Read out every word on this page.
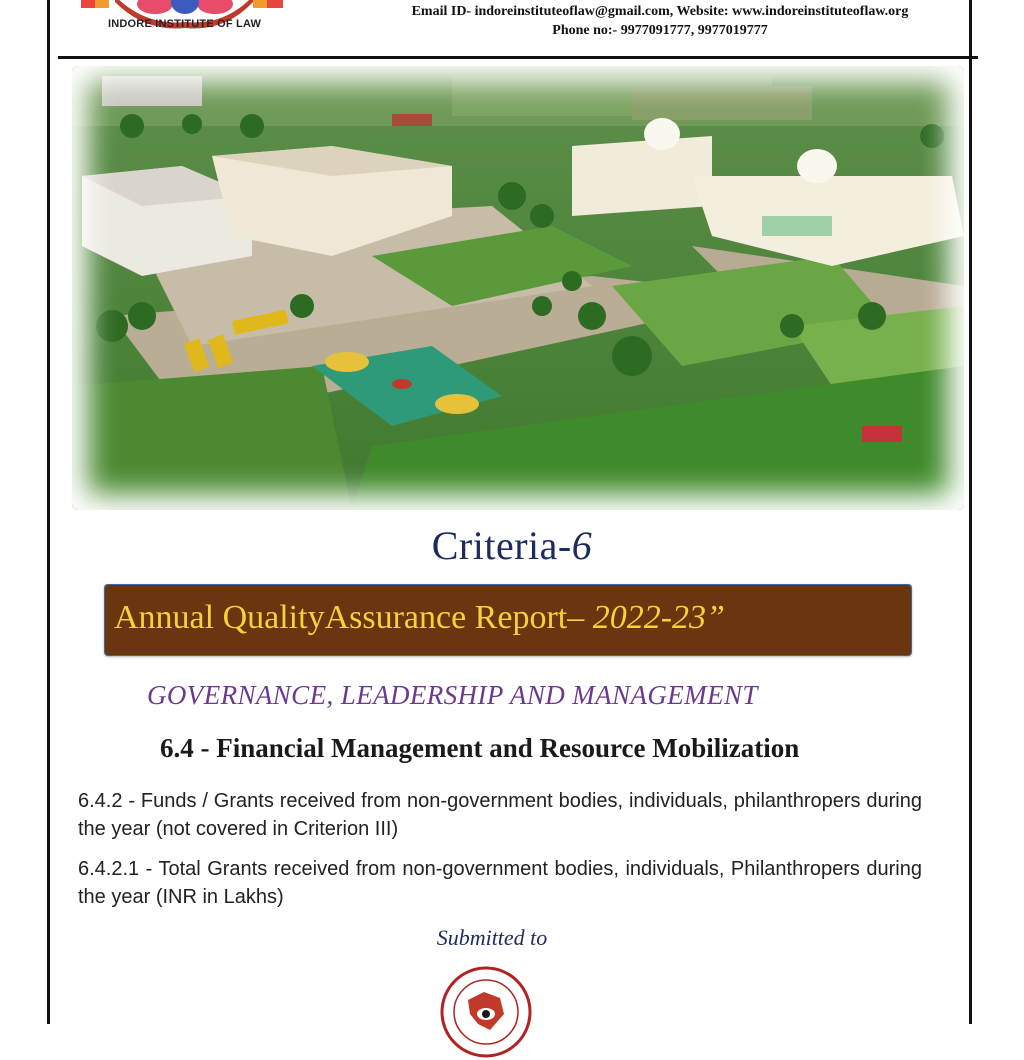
INDORE INSTITUTE OF LAW
Email ID- indoreinstituteoflaw@gmail.com, Website: www.indoreinstituteoflaw.org
Phone no:- 9977091777, 9977019777
Criteria-6
Annual QualityAssurance Report– 2022-23”
GOVERNANCE, LEADERSHIP AND MANAGEMENT
6.4 - Financial Management and Resource Mobilization
6.4.2 - Funds / Grants received from non-government bodies, individuals, philanthropers during the year (not covered in Criterion III)
6.4.2.1 - Total Grants received from non-government bodies, individuals, Philanthropers during the year (INR in Lakhs)
Submitted to
